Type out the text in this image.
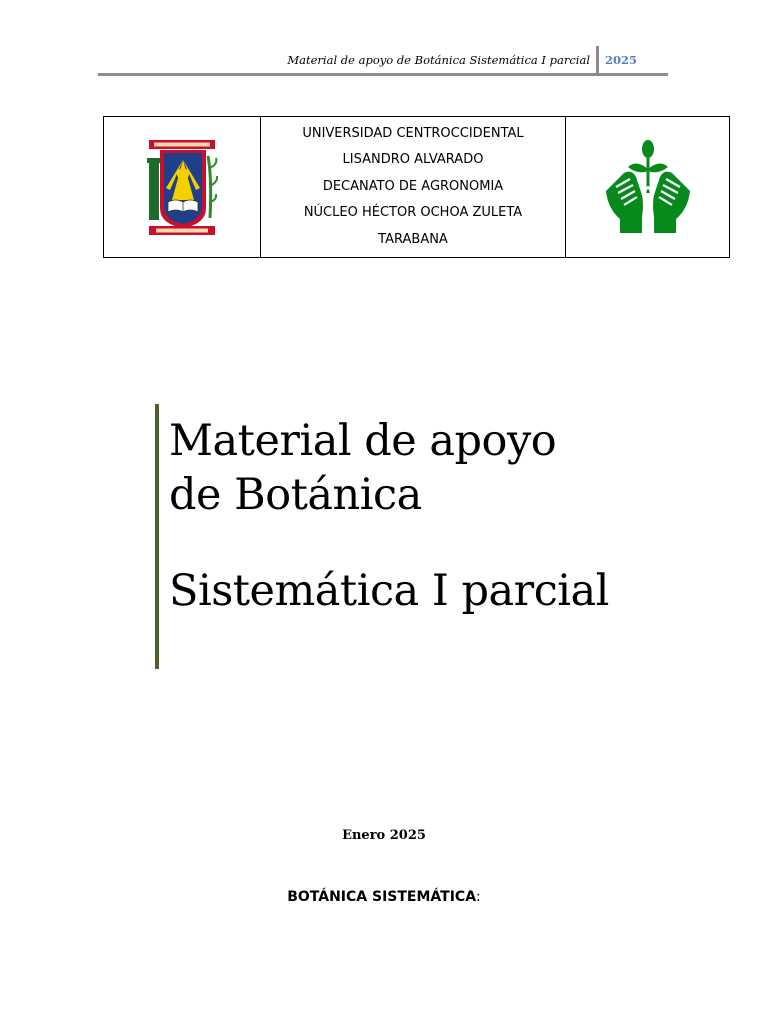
Material de apoyo de Botánica Sistemática I parcial 2025

UNIVERSIDAD CENTROCCIDENTAL
LISANDRO ALVARADO
DECANATO DE AGRONOMIA
NÚCLEO HÉCTOR OCHOA ZULETA
TARABANA

Material de apoyo
de Botánica
Sistemática I parcial
Enero 2025
BOTÁNICA SISTEMÁTICA:
